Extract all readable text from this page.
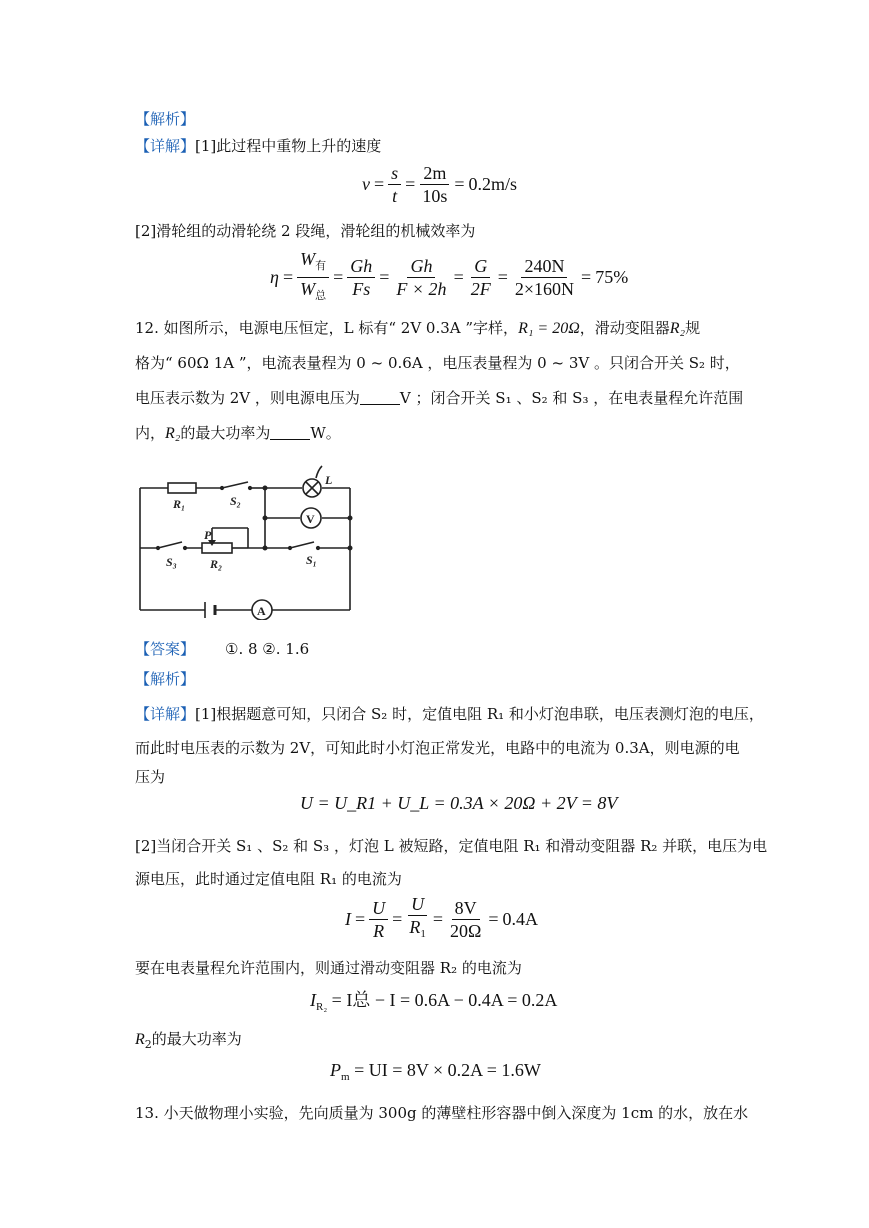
【解析】
【详解】[1]此过程中重物上升的速度
$v = \frac{s}{t} = \frac{2m}{10s} = 0.2m/s$
[2]滑轮组的动滑轮绕 2 段绳，滑轮组的机械效率为
$\eta = \frac{W_有}{W_总} = \frac{Gh}{Fs} = \frac{Gh}{F \times 2h} = \frac{G}{2F} = \frac{240N}{2\times 160N} = 75\%$
12. 如图所示，电源电压恒定，L 标有“ 2V 0.3A ”字样，R₁ = 20Ω，滑动变阻器R₂规
格为“ 60Ω 1A ”，电流表量程为 0 ~ 0.6A ，电压表量程为 0 ~ 3V 。只闭合开关 S₂ 时，
电压表示数为 2V ，则电源电压为	V ；闭合开关 S₁ 、S₂ 和 S₃ ，在电表量程允许范围
内，R₂的最大功率为	W。
R₁	S₂
L
V
P
S₃	R₂	S₁
A
【答案】 ①. 8 ②. 1.6
【解析】
【详解】[1]根据题意可知，只闭合 S₂ 时，定值电阻 R₁ 和小灯泡串联，电压表测灯泡的电压，
而此时电压表的示数为 2V，可知此时小灯泡正常发光，电路中的电流为 0.3A，则电源的电
压为
U = U_R1 + U_L = 0.3A × 20Ω + 2V = 8V
[2]当闭合开关 S₁ 、S₂ 和 S₃ ，灯泡 L 被短路，定值电阻 R₁ 和滑动变阻器 R₂ 并联，电压为电
源电压，此时通过定值电阻 R₁ 的电流为
$I = \frac{U}{R} = \frac{U}{R_1} = \frac{8V}{20\Omega} = 0.4A$
要在电表量程允许范围内，则通过滑动变阻器 R₂ 的电流为
$I_{R_2} = I$总 − I = 0.6A − 0.4A = 0.2A
$R_2$的最大功率为
$P_m$ = UI = 8V × 0.2A = 1.6W
13. 小天做物理小实验，先向质量为 300g 的薄壁柱形容器中倒入深度为 1cm 的水，放在水
